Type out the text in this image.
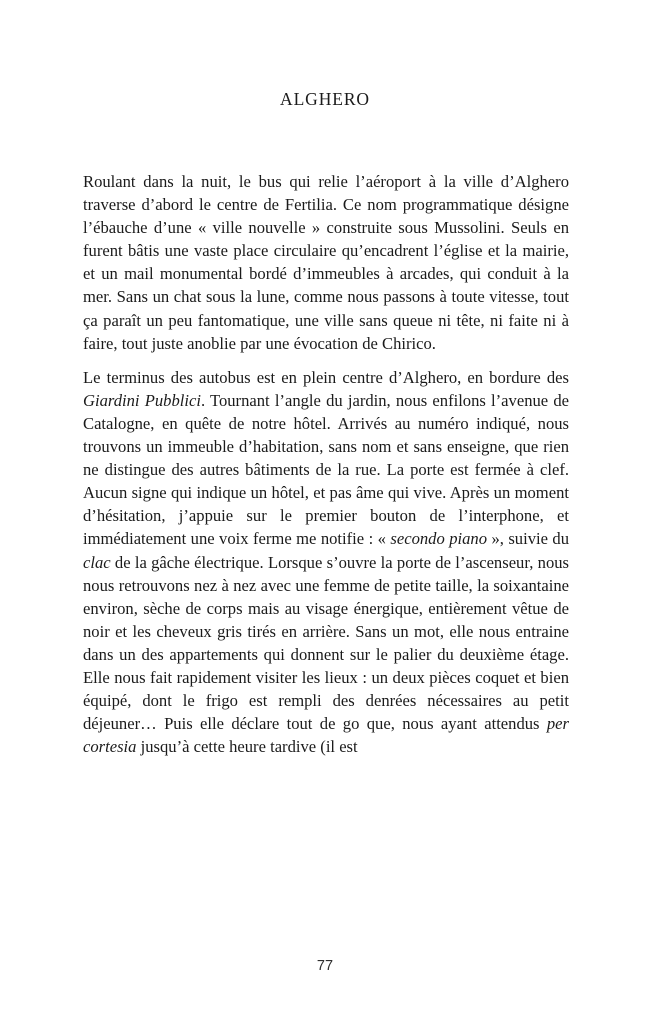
ALGHERO

Roulant dans la nuit, le bus qui relie l’aéroport à la ville d’Alghero traverse d’abord le centre de Fertilia. Ce nom programmatique désigne l’ébauche d’une « ville nouvelle » construite sous Mussolini. Seuls en furent bâtis une vaste place circulaire qu’encadrent l’église et la mairie, et un mail monumental bordé d’immeubles à arcades, qui conduit à la mer. Sans un chat sous la lune, comme nous passons à toute vitesse, tout ça paraît un peu fantomatique, une ville sans queue ni tête, ni faite ni à faire, tout juste anoblie par une évocation de Chirico.

Le terminus des autobus est en plein centre d’Alghero, en bordure des Giardini Pubblici. Tournant l’angle du jardin, nous enfilons l’avenue de Catalogne, en quête de notre hôtel. Arrivés au numéro indiqué, nous trouvons un immeuble d’habitation, sans nom et sans enseigne, que rien ne distingue des autres bâtiments de la rue. La porte est fermée à clef. Aucun signe qui indique un hôtel, et pas âme qui vive. Après un moment d’hésitation, j’appuie sur le premier bouton de l’interphone, et immédiatement une voix ferme me notifie : « secondo piano », suivie du clac de la gâche électrique. Lorsque s’ouvre la porte de l’ascenseur, nous nous retrouvons nez à nez avec une femme de petite taille, la soixantaine environ, sèche de corps mais au visage énergique, entièrement vêtue de noir et les cheveux gris tirés en arrière. Sans un mot, elle nous entraine dans un des appartements qui donnent sur le palier du deuxième étage. Elle nous fait rapidement visiter les lieux : un deux pièces coquet et bien équipé, dont le frigo est rempli des denrées nécessaires au petit déjeuner… Puis elle déclare tout de go que, nous ayant attendus per cortesia jusqu’à cette heure tardive (il est

77
